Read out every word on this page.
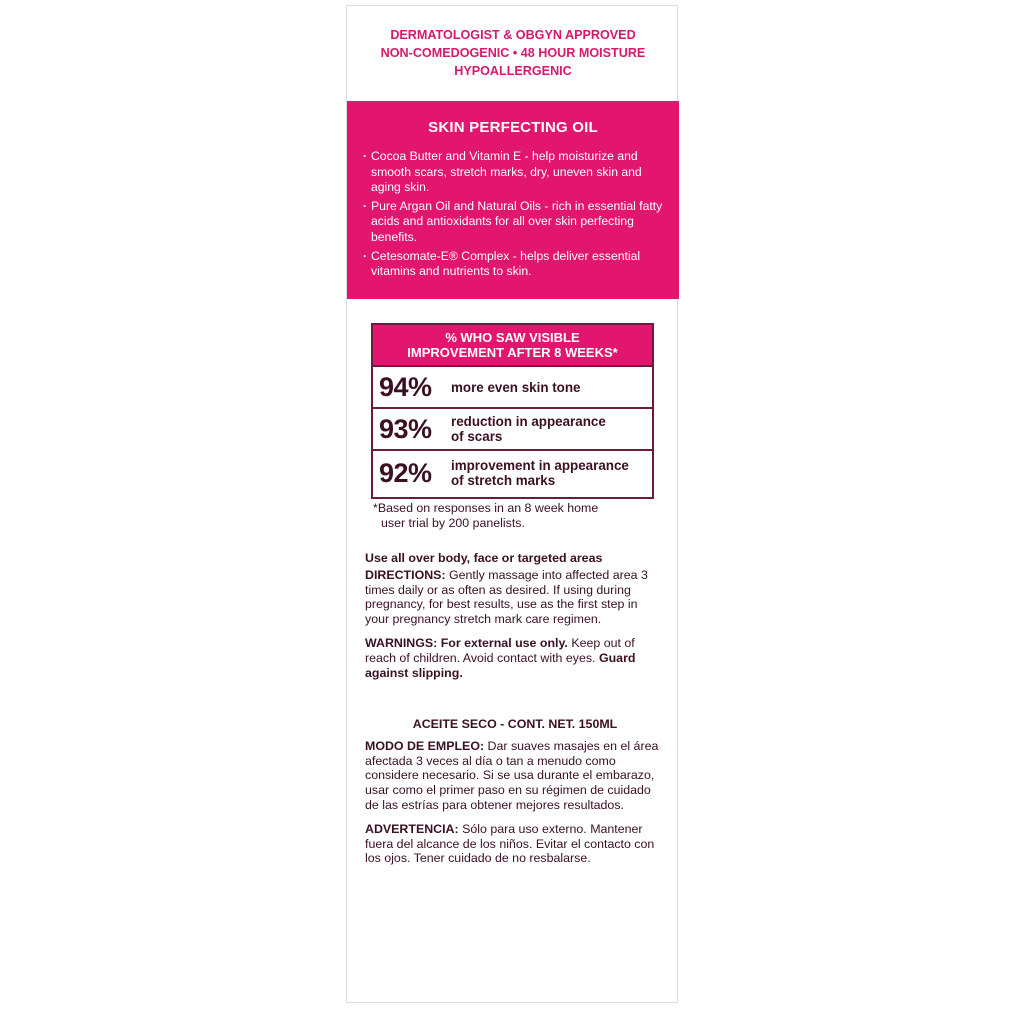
DERMATOLOGIST & OBGYN APPROVED
NON-COMEDOGENIC • 48 HOUR MOISTURE
HYPOALLERGENIC
SKIN PERFECTING OIL
· Cocoa Butter and Vitamin E - help moisturize and smooth scars, stretch marks, dry, uneven skin and aging skin.
· Pure Argan Oil and Natural Oils - rich in essential fatty acids and antioxidants for all over skin perfecting benefits.
· Cetesomate-E® Complex - helps deliver essential vitamins and nutrients to skin.
% WHO SAW VISIBLE
IMPROVEMENT AFTER 8 WEEKS*
94%	more even skin tone
93%	reduction in appearance
of scars
92%	improvement in appearance
of stretch marks
*Based on responses in an 8 week home
user trial by 200 panelists.
Use all over body, face or targeted areas
DIRECTIONS: Gently massage into affected area 3 times daily or as often as desired. If using during pregnancy, for best results, use as the first step in your pregnancy stretch mark care regimen.
WARNINGS: For external use only. Keep out of reach of children. Avoid contact with eyes. Guard against slipping.
ACEITE SECO - CONT. NET. 150ML
MODO DE EMPLEO: Dar suaves masajes en el área afectada 3 veces al día o tan a menudo como considere necesario. Si se usa durante el embarazo, usar como el primer paso en su régimen de cuidado de las estrías para obtener mejores resultados.
ADVERTENCIA: Sólo para uso externo. Mantener fuera del alcance de los niños. Evitar el contacto con los ojos. Tener cuidado de no resbalarse.
